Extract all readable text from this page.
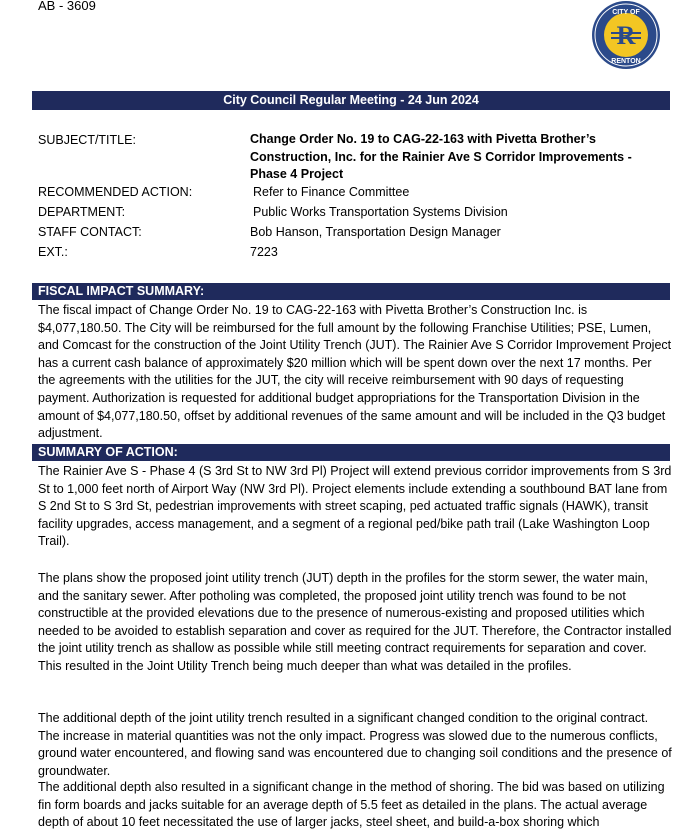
AB - 3609	CITY OF
RENTON
R
City Council Regular Meeting - 24 Jun 2024
SUBJECT/TITLE:	Change Order No. 19 to CAG-22-163 with Pivetta Brother’s Construction, Inc. for the Rainier Ave S Corridor Improvements - Phase 4 Project
RECOMMENDED ACTION:	Refer to Finance Committee
DEPARTMENT:	Public Works Transportation Systems Division
STAFF CONTACT:	Bob Hanson, Transportation Design Manager
EXT.:	7223
FISCAL IMPACT SUMMARY:

The fiscal impact of Change Order No. 19 to CAG-22-163 with Pivetta Brother’s Construction Inc. is $4,077,180.50. The City will be reimbursed for the full amount by the following Franchise Utilities; PSE, Lumen, and Comcast for the construction of the Joint Utility Trench (JUT). The Rainier Ave S Corridor Improvement Project has a current cash balance of approximately $20 million which will be spent down over the next 17 months. Per the agreements with the utilities for the JUT, the city will receive reimbursement with 90 days of requesting payment. Authorization is requested for additional budget appropriations for the Transportation Division in the amount of $4,077,180.50, offset by additional revenues of the same amount and will be included in the Q3 budget adjustment.

SUMMARY OF ACTION:

The Rainier Ave S - Phase 4 (S 3rd St to NW 3rd Pl) Project will extend previous corridor improvements from S 3rd St to 1,000 feet north of Airport Way (NW 3rd Pl). Project elements include extending a southbound BAT lane from S 2nd St to S 3rd St, pedestrian improvements with street scaping, ped actuated traffic signals (HAWK), transit facility upgrades, access management, and a segment of a regional ped/bike path trail (Lake Washington Loop Trail).

The plans show the proposed joint utility trench (JUT) depth in the profiles for the storm sewer, the water main, and the sanitary sewer. After potholing was completed, the proposed joint utility trench was found to be not constructible at the provided elevations due to the presence of numerous-existing and proposed utilities which needed to be avoided to establish separation and cover as required for the JUT. Therefore, the Contractor installed the joint utility trench as shallow as possible while still meeting contract requirements for separation and cover. This resulted in the Joint Utility Trench being much deeper than what was detailed in the profiles.

The additional depth of the joint utility trench resulted in a significant changed condition to the original contract. The increase in material quantities was not the only impact. Progress was slowed due to the numerous conflicts, ground water encountered, and flowing sand was encountered due to changing soil conditions and the presence of groundwater.

The additional depth also resulted in a significant change in the method of shoring. The bid was based on utilizing fin form boards and jacks suitable for an average depth of 5.5 feet as detailed in the plans. The actual average depth of about 10 feet necessitated the use of larger jacks, steel sheet, and build-a-box shoring which
